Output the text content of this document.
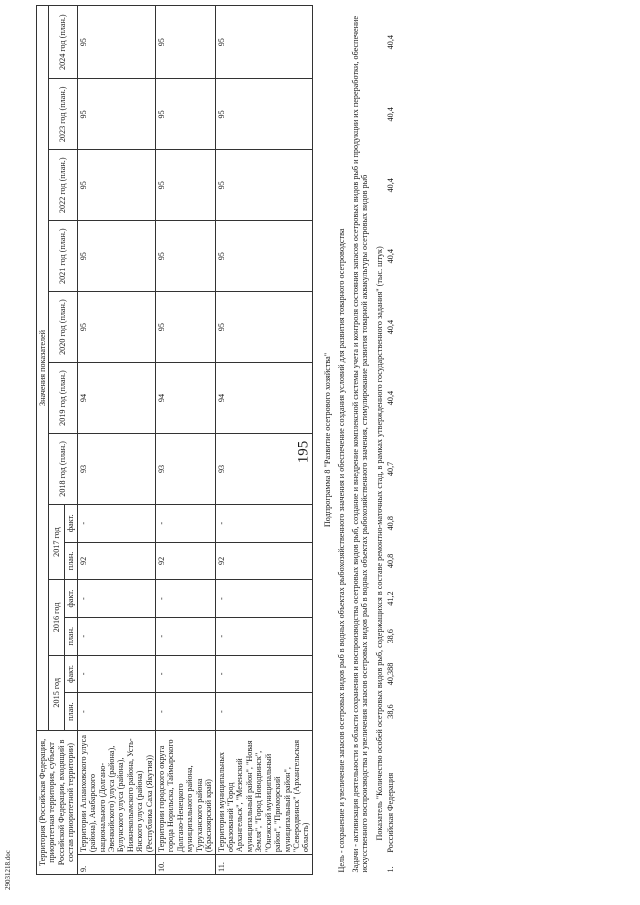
195
29031218.doc
Территория (Российская Федерация, приоритетная территория, субъект Российской Федерации, входящий в состав приоритетной территории)		Значения показателей												
		2015 год		2016 год		2017 год		2018 год (план.)	2019 год (план.)	2020 год (план.)	2021 год (план.)	2022 год (план.)	2023 год (план.)	2024 год (план.)
		план.	факт.	план.	факт.	план.	факт.							
9.	Территории Аллаиховского улуса (района), Анабарского национального (Долгано-Эвенкийского) улуса (района), Булунского улуса (района), Нижнеколымского района, Усть-Янского улуса (района) (Республика Саха (Якутия))	-	-	-	-	92	-	93	94	95	95	95	95	95
10.	Территории городского округа города Норильска, Таймырского Долгано-Ненецкого муниципального района, Туруханского района (Красноярский край)	-	-	-	-	92	-	93	94	95	95	95	95	95
11.	Территории муниципальных образований "Город Архангельск", "Мезенский муниципальный район", "Новая Земля", "Город Новодвинск", "Онежский муниципальный район", "Приморский муниципальный район", "Северодвинск" (Архангельская область)	-	-	-	-	92	-	93	94	95	95	95	95	95
Подпрограмма 8 "Развитие осетрового хозяйства"														
Цель - сохранение и увеличение запасов осетровых видов рыб в водных объектах рыбохозяйственного значения и обеспечение создания условий для развития товарного осетроводства														
Задачи - активизация деятельности в области сохранения и воспроизводства осетровых видов рыб, создание и внедрение комплексной системы учета и контроля состояния запасов осетровых видов рыб и продукции их переработки, обеспечение искусственного воспроизводства и увеличения запасов осетровых видов рыб в водных объектах рыбохозяйственного значения, стимулирование развития товарной аквакультуры осетровых видов рыб														
Показатель "Количество особей осетровых видов рыб, содержащихся в составе ремонтно-маточных стад, в рамках утвержденного государственного задания" (тыс. штук)														
1.	Российская Федерация	38,6	40,388	38,6	41,2	40,8	40,8	40,7	40,4	40,4	40,4	40,4	40,4	40,4
